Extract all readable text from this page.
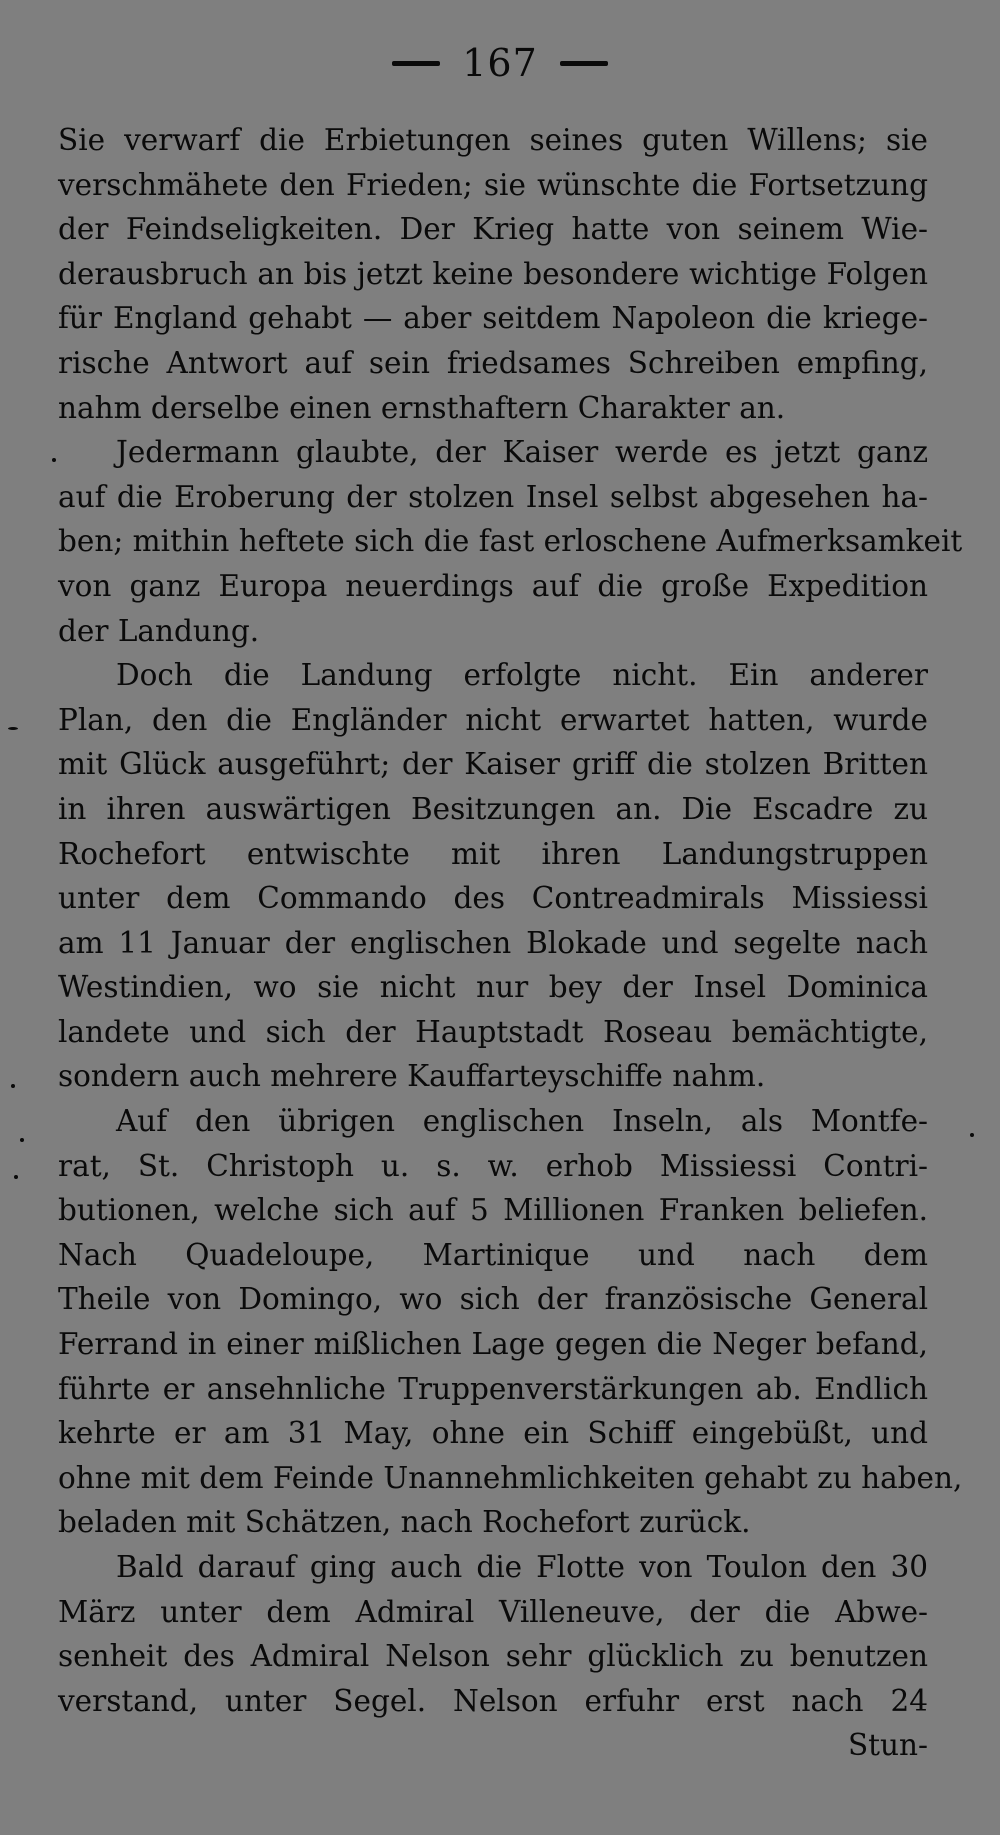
167
Sie verwarf die Erbietungen seines guten Willens; sie
verschmähete den Frieden; sie wünschte die Fortsetzung
der Feindseligkeiten. Der Krieg hatte von seinem Wie-
derausbruch an bis jetzt keine besondere wichtige Folgen
für England gehabt — aber seitdem Napoleon die kriege-
rische Antwort auf sein friedsames Schreiben empfing,
nahm derselbe einen ernsthaftern Charakter an.
Jedermann glaubte, der Kaiser werde es jetzt ganz
auf die Eroberung der stolzen Insel selbst abgesehen ha-
ben; mithin heftete sich die fast erloschene Aufmerksamkeit
von ganz Europa neuerdings auf die große Expedition
der Landung.
Doch die Landung erfolgte nicht. Ein anderer
Plan, den die Engländer nicht erwartet hatten, wurde
mit Glück ausgeführt; der Kaiser griff die stolzen Britten
in ihren auswärtigen Besitzungen an. Die Escadre zu
Rochefort entwischte mit ihren Landungstruppen
unter dem Commando des Contreadmirals Missiessi
am 11 Januar der englischen Blokade und segelte nach
Westindien, wo sie nicht nur bey der Insel Dominica
landete und sich der Hauptstadt Roseau bemächtigte,
sondern auch mehrere Kauffarteyschiffe nahm.
Auf den übrigen englischen Inseln, als Montfe-
rat, St. Christoph u. s. w. erhob Missiessi Contri-
butionen, welche sich auf 5 Millionen Franken beliefen.
Nach Quadeloupe, Martinique und nach dem
Theile von Domingo, wo sich der französische General
Ferrand in einer mißlichen Lage gegen die Neger befand,
führte er ansehnliche Truppenverstärkungen ab. Endlich
kehrte er am 31 May, ohne ein Schiff eingebüßt, und
ohne mit dem Feinde Unannehmlichkeiten gehabt zu haben,
beladen mit Schätzen, nach Rochefort zurück.
Bald darauf ging auch die Flotte von Toulon den 30
März unter dem Admiral Villeneuve, der die Abwe-
senheit des Admiral Nelson sehr glücklich zu benutzen
verstand, unter Segel. Nelson erfuhr erst nach 24
Stun-
